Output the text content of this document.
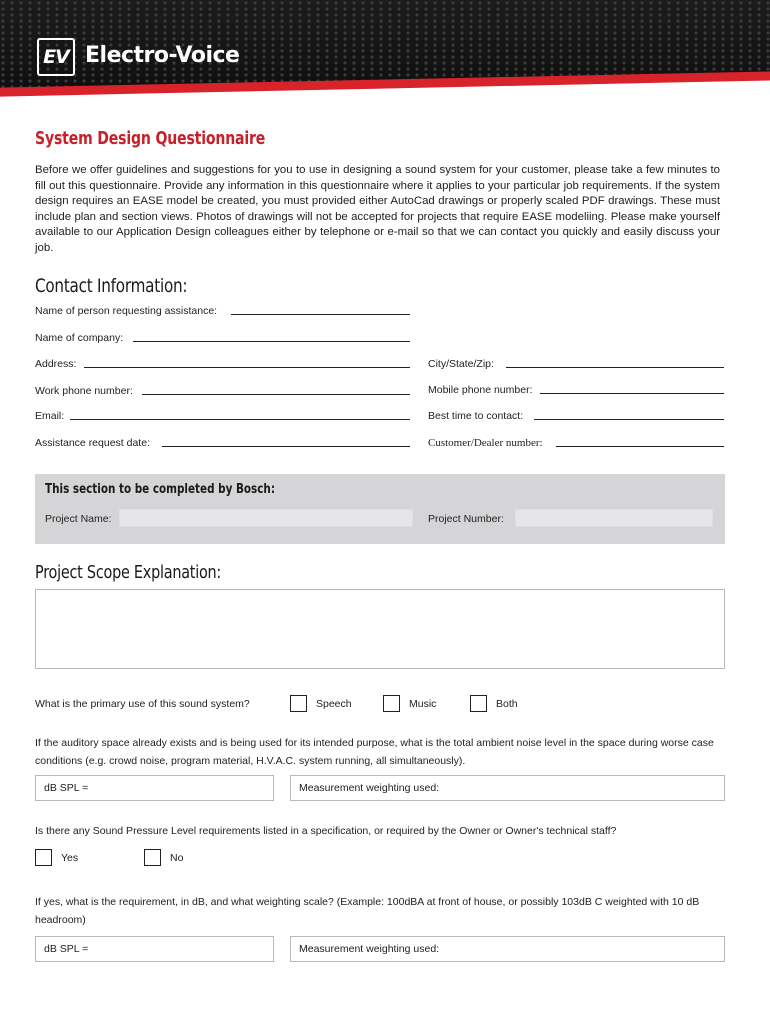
EV Electro-Voice
System Design Questionnaire
Before we offer guidelines and suggestions for you to use in designing a sound system for your customer, please take a few minutes to fill out this questionnaire. Provide any information in this questionnaire where it applies to your particular job requirements. If the system design requires an EASE model be created, you must provided either AutoCad drawings or properly scaled PDF drawings. These must include plan and section views. Photos of drawings will not be accepted for projects that require EASE modeliing. Please make yourself available to our Application Design colleagues either by telephone or e-mail so that we can contact you quickly and easily discuss your job.
Contact Information:
Name of person requesting assistance:
Name of company:
Address:	City/State/Zip:
Work phone number:	Mobile phone number:
Email:	Best time to contact:
Assistance request date:	Customer/Dealer number:
This section to be completed by Bosch:
Project Name:	Project Number:
Project Scope Explanation:
What is the primary use of this sound system?	Speech	Music	Both
If the auditory space already exists and is being used for its intended purpose, what is the total ambient noise level in the space during worse case conditions (e.g. crowd noise, program material, H.V.A.C. system running, all simultaneously).
dB SPL =	Measurement weighting used:
Is there any Sound Pressure Level requirements listed in a specification, or required by the Owner or Owner's technical staff?
Yes	No
If yes, what is the requirement, in dB, and what weighting scale? (Example: 100dBA at front of house, or possibly 103dB C weighted with 10 dB headroom)
dB SPL =	Measurement weighting used:
